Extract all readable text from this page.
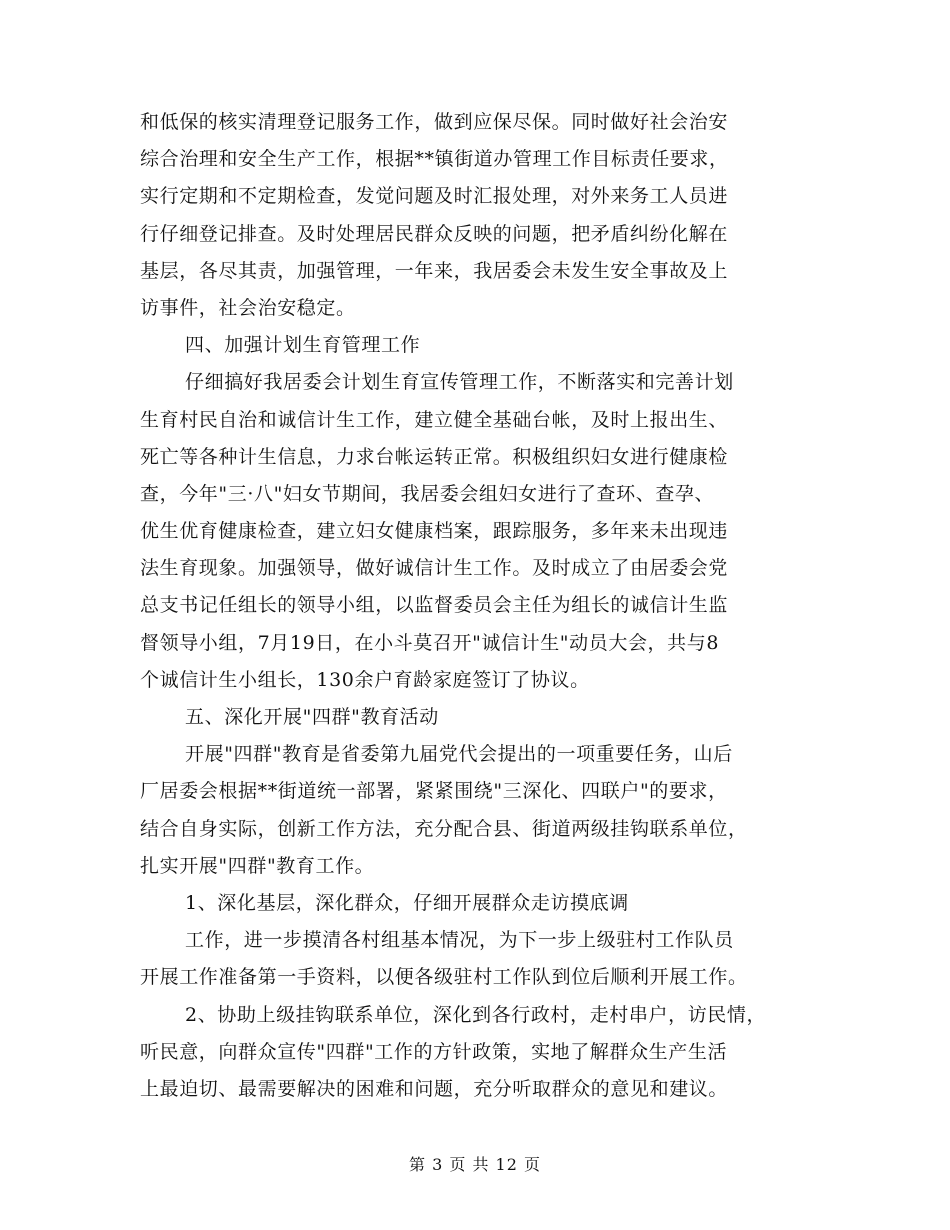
和低保的核实清理登记服务工作，做到应保尽保。同时做好社会治安
综合治理和安全生产工作，根据**镇街道办管理工作目标责任要求，
实行定期和不定期检查，发觉问题及时汇报处理，对外来务工人员进
行仔细登记排查。及时处理居民群众反映的问题，把矛盾纠纷化解在
基层，各尽其责，加强管理，一年来，我居委会未发生安全事故及上
访事件，社会治安稳定。
四、加强计划生育管理工作
仔细搞好我居委会计划生育宣传管理工作，不断落实和完善计划
生育村民自治和诚信计生工作，建立健全基础台帐，及时上报出生、
死亡等各种计生信息，力求台帐运转正常。积极组织妇女进行健康检
查，今年"三·八"妇女节期间，我居委会组妇女进行了查环、查孕、
优生优育健康检查，建立妇女健康档案，跟踪服务，多年来未出现违
法生育现象。加强领导，做好诚信计生工作。及时成立了由居委会党
总支书记任组长的领导小组，以监督委员会主任为组长的诚信计生监
督领导小组，7月19日，在小斗莫召开"诚信计生"动员大会，共与8
个诚信计生小组长，130余户育龄家庭签订了协议。
五、深化开展"四群"教育活动
开展"四群"教育是省委第九届党代会提出的一项重要任务，山后
厂居委会根据**街道统一部署，紧紧围绕"三深化、四联户"的要求，
结合自身实际，创新工作方法，充分配合县、街道两级挂钩联系单位，
扎实开展"四群"教育工作。
1、深化基层，深化群众，仔细开展群众走访摸底调
工作，进一步摸清各村组基本情况，为下一步上级驻村工作队员
开展工作准备第一手资料，以便各级驻村工作队到位后顺利开展工作。
2、协助上级挂钩联系单位，深化到各行政村，走村串户，访民情，
听民意，向群众宣传"四群"工作的方针政策，实地了解群众生产生活
上最迫切、最需要解决的困难和问题，充分听取群众的意见和建议。
第 3 页 共 12 页
